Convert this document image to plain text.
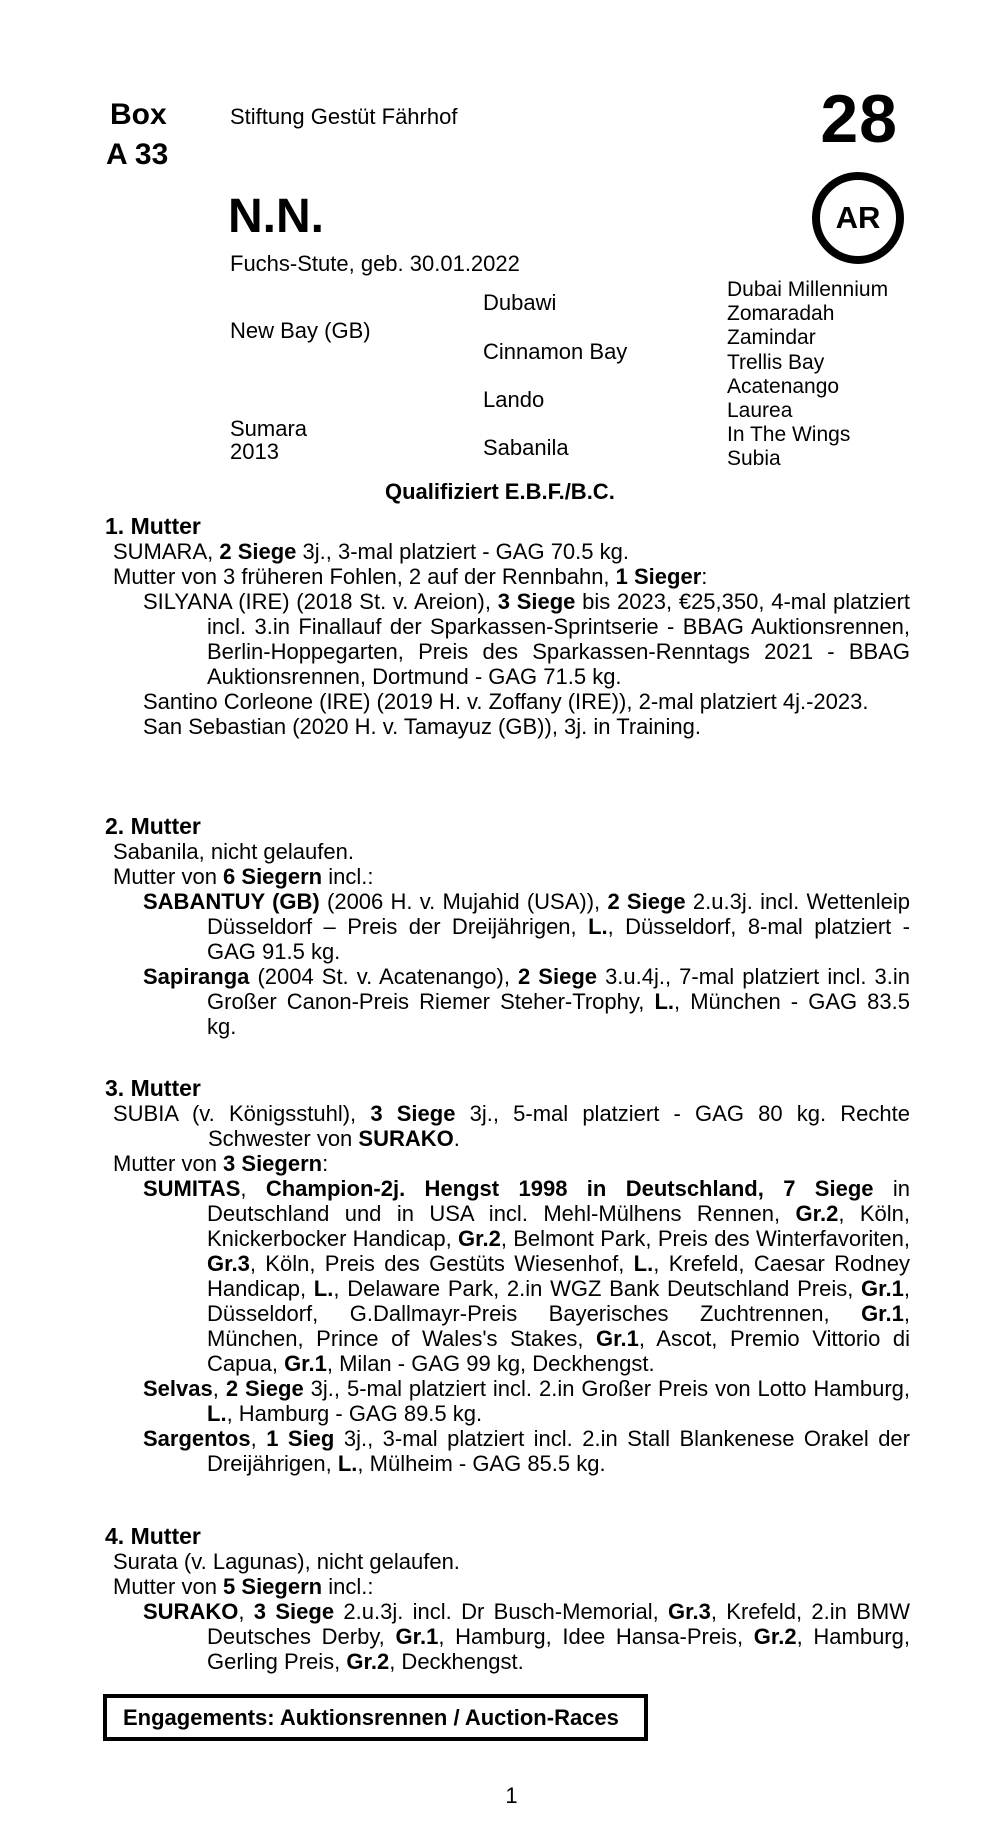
Box
A 33
Stiftung Gestüt Fährhof	28
N.N.	AR
Fuchs-Stute, geb. 30.01.2022
New Bay (GB)
Sumara
2013
Dubawi
Cinnamon Bay
Lando
Sabanila
Dubai Millennium
Zomaradah
Zamindar
Trellis Bay
Acatenango
Laurea
In The Wings
Subia
Qualifiziert E.B.F./B.C.
1. Mutter

SUMARA, 2 Siege 3j., 3-mal platziert - GAG 70.5 kg.

Mutter von 3 früheren Fohlen, 2 auf der Rennbahn, 1 Sieger:

SILYANA (IRE) (2018 St. v. Areion), 3 Siege bis 2023, €25,350, 4-mal platziert incl. 3.in Finallauf der Sparkassen-Sprintserie - BBAG Auktionsrennen, Berlin-Hoppegarten, Preis des Sparkassen-Renntags 2021 - BBAG Auktionsrennen, Dortmund - GAG 71.5 kg.

Santino Corleone (IRE) (2019 H. v. Zoffany (IRE)), 2-mal platziert 4j.-2023.

San Sebastian (2020 H. v. Tamayuz (GB)), 3j. in Training.

2. Mutter

Sabanila, nicht gelaufen.

Mutter von 6 Siegern incl.:

SABANTUY (GB) (2006 H. v. Mujahid (USA)), 2 Siege 2.u.3j. incl. Wettenleip Düsseldorf – Preis der Dreijährigen, L., Düsseldorf, 8-mal platziert - GAG 91.5 kg.

Sapiranga (2004 St. v. Acatenango), 2 Siege 3.u.4j., 7-mal platziert incl. 3.in Großer Canon-Preis Riemer Steher-Trophy, L., München - GAG 83.5 kg.

3. Mutter

SUBIA (v. Königsstuhl), 3 Siege 3j., 5-mal platziert - GAG 80 kg. Rechte Schwester von SURAKO.

Mutter von 3 Siegern:

SUMITAS, Champion-2j. Hengst 1998 in Deutschland, 7 Siege in Deutschland und in USA incl. Mehl-Mülhens Rennen, Gr.2, Köln, Knickerbocker Handicap, Gr.2, Belmont Park, Preis des Winterfavoriten, Gr.3, Köln, Preis des Gestüts Wiesenhof, L., Krefeld, Caesar Rodney Handicap, L., Delaware Park, 2.in WGZ Bank Deutschland Preis, Gr.1, Düsseldorf, G.Dallmayr-Preis Bayerisches Zuchtrennen, Gr.1, München, Prince of Wales's Stakes, Gr.1, Ascot, Premio Vittorio di Capua, Gr.1, Milan - GAG 99 kg, Deckhengst.

Selvas, 2 Siege 3j., 5-mal platziert incl. 2.in Großer Preis von Lotto Hamburg, L., Hamburg - GAG 89.5 kg.

Sargentos, 1 Sieg 3j., 3-mal platziert incl. 2.in Stall Blankenese Orakel der Dreijährigen, L., Mülheim - GAG 85.5 kg.

4. Mutter

Surata (v. Lagunas), nicht gelaufen.

Mutter von 5 Siegern incl.:

SURAKO, 3 Siege 2.u.3j. incl. Dr Busch-Memorial, Gr.3, Krefeld, 2.in BMW Deutsches Derby, Gr.1, Hamburg, Idee Hansa-Preis, Gr.2, Hamburg, Gerling Preis, Gr.2, Deckhengst.

Engagements: Auktionsrennen / Auction-Races
1
